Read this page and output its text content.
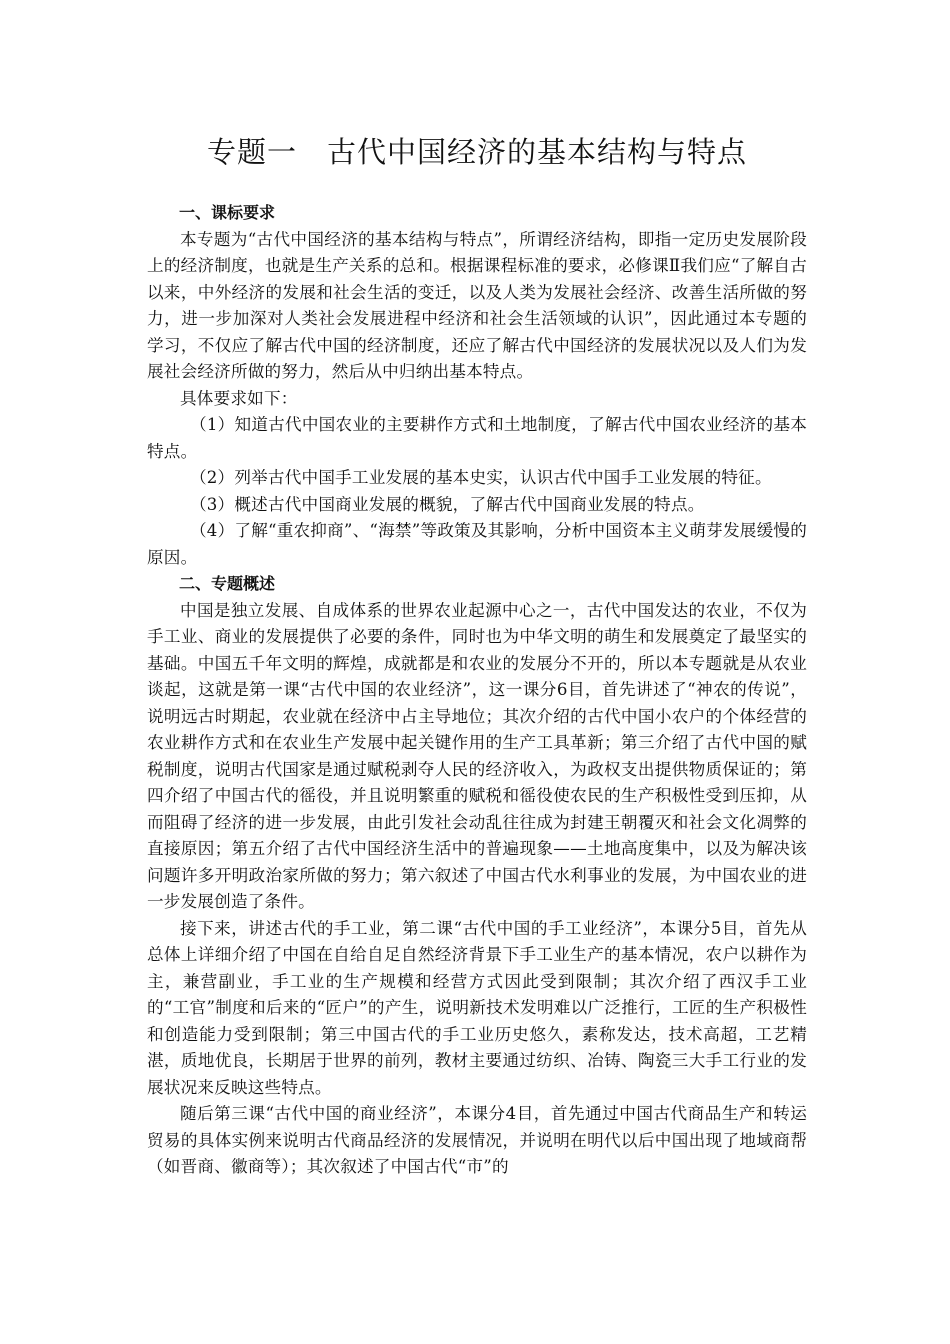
专题一 古代中国经济的基本结构与特点
一、课标要求

本专题为“古代中国经济的基本结构与特点”，所谓经济结构，即指一定历史发展阶段上的经济制度，也就是生产关系的总和。根据课程标准的要求，必修课Ⅱ我们应“了解自古以来，中外经济的发展和社会生活的变迁，以及人类为发展社会经济、改善生活所做的努力，进一步加深对人类社会发展进程中经济和社会生活领域的认识”，因此通过本专题的学习，不仅应了解古代中国的经济制度，还应了解古代中国经济的发展状况以及人们为发展社会经济所做的努力，然后从中归纳出基本特点。

具体要求如下：

（1）知道古代中国农业的主要耕作方式和土地制度，了解古代中国农业经济的基本特点。

（2）列举古代中国手工业发展的基本史实，认识古代中国手工业发展的特征。

（3）概述古代中国商业发展的概貌，了解古代中国商业发展的特点。

（4）了解“重农抑商”、“海禁”等政策及其影响，分析中国资本主义萌芽发展缓慢的原因。

二、专题概述

中国是独立发展、自成体系的世界农业起源中心之一，古代中国发达的农业，不仅为手工业、商业的发展提供了必要的条件，同时也为中华文明的萌生和发展奠定了最坚实的基础。中国五千年文明的辉煌，成就都是和农业的发展分不开的，所以本专题就是从农业谈起，这就是第一课“古代中国的农业经济”，这一课分6目，首先讲述了“神农的传说”，说明远古时期起，农业就在经济中占主导地位；其次介绍的古代中国小农户的个体经营的农业耕作方式和在农业生产发展中起关键作用的生产工具革新；第三介绍了古代中国的赋税制度，说明古代国家是通过赋税剥夺人民的经济收入，为政权支出提供物质保证的；第四介绍了中国古代的徭役，并且说明繁重的赋税和徭役使农民的生产积极性受到压抑，从而阻碍了经济的进一步发展，由此引发社会动乱往往成为封建王朝覆灭和社会文化凋弊的直接原因；第五介绍了古代中国经济生活中的普遍现象——土地高度集中，以及为解决该问题许多开明政治家所做的努力；第六叙述了中国古代水利事业的发展，为中国农业的进一步发展创造了条件。

接下来，讲述古代的手工业，第二课“古代中国的手工业经济”，本课分5目，首先从总体上详细介绍了中国在自给自足自然经济背景下手工业生产的基本情况，农户以耕作为主，兼营副业，手工业的生产规模和经营方式因此受到限制；其次介绍了西汉手工业的“工官”制度和后来的“匠户”的产生，说明新技术发明难以广泛推行，工匠的生产积极性和创造能力受到限制；第三中国古代的手工业历史悠久，素称发达，技术高超，工艺精湛，质地优良，长期居于世界的前列，教材主要通过纺织、冶铸、陶瓷三大手工行业的发展状况来反映这些特点。

随后第三课“古代中国的商业经济”，本课分4目，首先通过中国古代商品生产和转运贸易的具体实例来说明古代商品经济的发展情况，并说明在明代以后中国出现了地域商帮（如晋商、徽商等）；其次叙述了中国古代“市”的
